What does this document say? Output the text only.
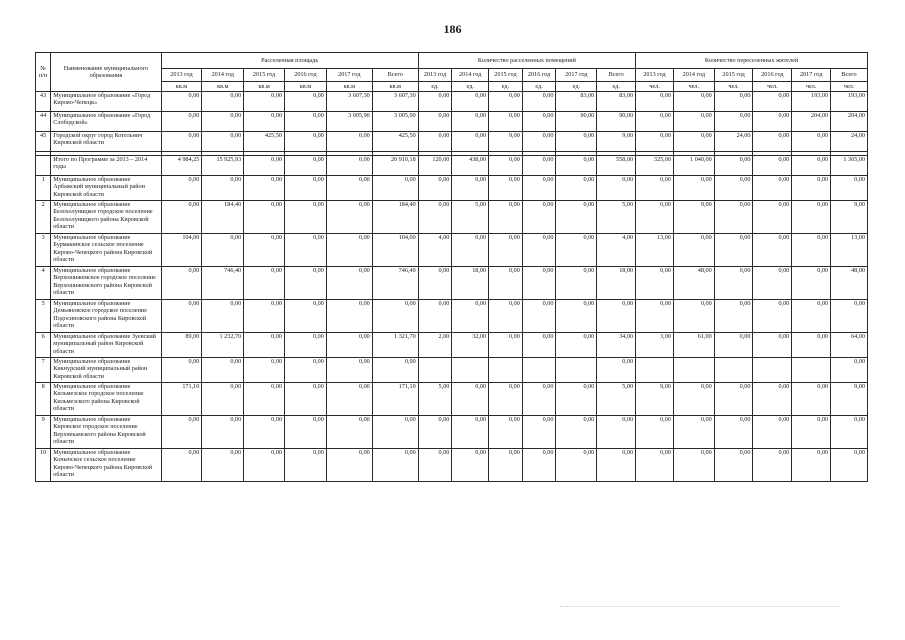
186
№ п/п	Наименование муниципального образования	Расселенная площадь						Количество расселенных помещений						Количество переселенных жителей					
		2013 год	2014 год	2015 год	2016 год	2017 год	Всего	2013 год	2014 год	2015 год	2016 год	2017 год	Всего	2013 год	2014 год	2015 год	2016 год	2017 год	Всего
		кв.м	кв.м	кв.м	кв.м	кв.м	кв.м	ед.	ед.	ед.	ед.	ед.	ед.	чел.	чел.	чел.	чел.	чел.	чел.
43	Муниципальное образование «Город Кирово-Чепецк»	0,00	0,00	0,00	0,00	3 607,30	3 607,30	0,00	0,00	0,00	0,00	83,00	83,00	0,00	0,00	0,00	0,00	193,00	193,00
44	Муниципальное образование «Город Слободской»	0,00	0,00	0,00	0,00	3 005,90	3 005,90	0,00	0,00	0,00	0,00	90,00	90,00	0,00	0,00	0,00	0,00	204,00	204,00
45	Городской округ город Котельнич Кировской области	0,00	0,00	425,50	0,00	0,00	425,50	0,00	0,00	9,00	0,00	0,00	9,00	0,00	0,00	24,00	0,00	0,00	24,00

	Итого по Программе за 2013 – 2014 годы	4 984,25	15 925,93	0,00	0,00	0,00	20 910,18	120,00	438,00	0,00	0,00	0,00	558,00	325,00	1 040,00	0,00	0,00	0,00	1 365,00
1	Муниципальное образование Арбажский муниципальный район Кировской области	0,00	0,00	0,00	0,00	0,00	0,00	0,00	0,00	0,00	0,00	0,00	0,00	0,00	0,00	0,00	0,00	0,00	0,00
2	Муниципальное образование Белохолуницкое городское поселение Белохолуницкого района Кировской области	0,00	184,40	0,00	0,00	0,00	184,40	0,00	5,00	0,00	0,00	0,00	5,00	0,00	9,00	0,00	0,00	0,00	9,00
3	Муниципальное образование Бурмакинское сельское поселение Кирово-Чепецкого района Кировской области	104,00	0,00	0,00	0,00	0,00	104,00	4,00	0,00	0,00	0,00	0,00	4,00	13,00	0,00	0,00	0,00	0,00	13,00
4	Муниципальное образование Верхошижемское городское поселение Верхошижемского района Кировской области	0,00	746,40	0,00	0,00	0,00	746,40	0,00	18,00	0,00	0,00	0,00	18,00	0,00	48,00	0,00	0,00	0,00	48,00
5	Муниципальное образование Демьяновское городское поселение Подосиновского района Кировской области	0,00	0,00	0,00	0,00	0,00	0,00	0,00	0,00	0,00	0,00	0,00	0,00	0,00	0,00	0,00	0,00	0,00	0,00
6	Муниципальное образование Зуевский муниципальный район Кировской области	89,00	1 232,70	0,00	0,00	0,00	1 321,70	2,00	32,00	0,00	0,00	0,00	34,00	3,00	61,00	0,00	0,00	0,00	64,00
7	Муниципальное образование Кикнурский муниципальный район Кировской области	0,00	0,00	0,00	0,00	0,00	0,00						0,00						0,00
8	Муниципальное образование Кильмезское городское поселение Кильмезского района Кировской области	171,10	0,00	0,00	0,00	0,00	171,10	5,00	0,00	0,00	0,00	0,00	5,00	9,00	0,00	0,00	0,00	0,00	9,00
9	Муниципальное образование Кировское городское поселение Верхнекамского района Кировской области	0,00	0,00	0,00	0,00	0,00	0,00	0,00	0,00	0,00	0,00	0,00	0,00	0,00	0,00	0,00	0,00	0,00	0,00
10	Муниципальное образование Коныпское сельское поселение Кирово-Чепецкого района Кировской области	0,00	0,00	0,00	0,00	0,00	0,00	0,00	0,00	0,00	0,00	0,00	0,00	0,00	0,00	0,00	0,00	0,00	0,00
